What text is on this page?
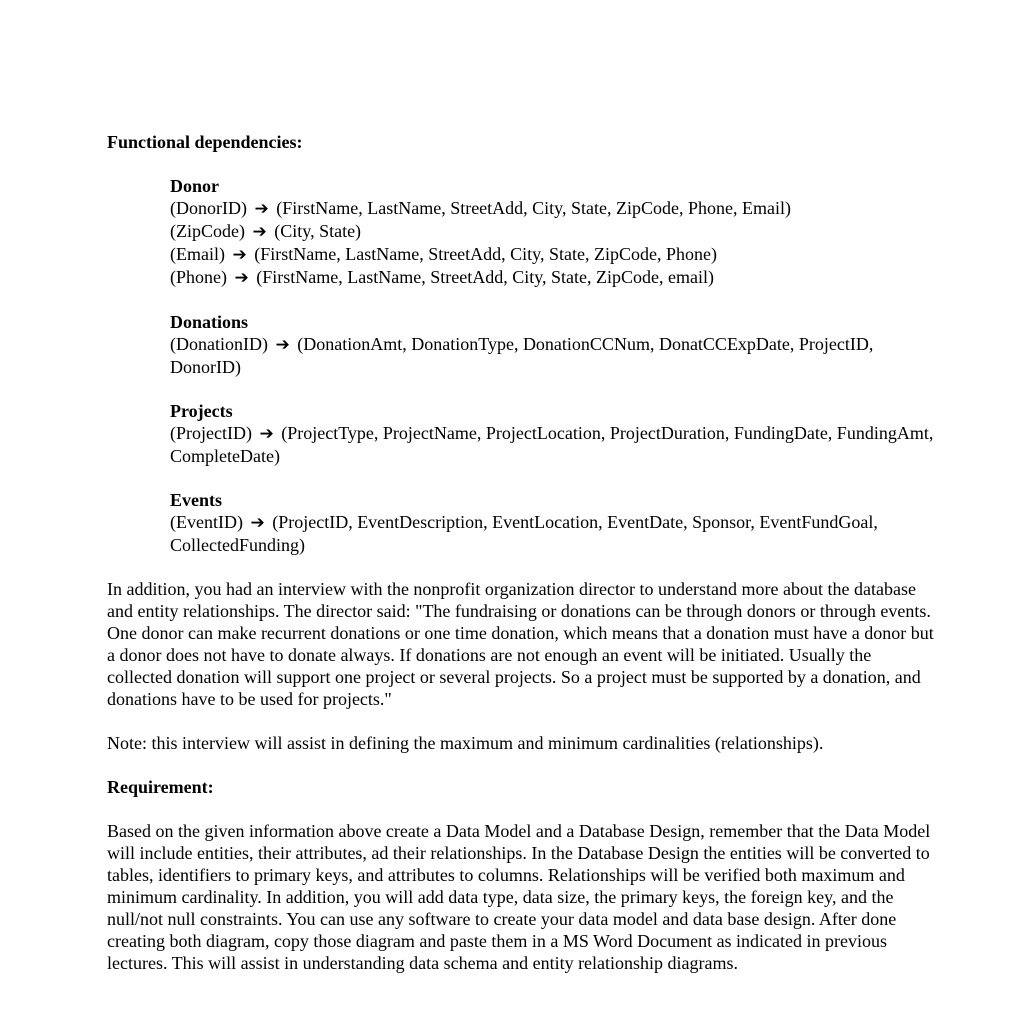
Functional dependencies:

Donor

(DonorID) ➔ (FirstName, LastName, StreetAdd, City, State, ZipCode, Phone, Email)

(ZipCode) ➔ (City, State)

(Email) ➔ (FirstName, LastName, StreetAdd, City, State, ZipCode, Phone)

(Phone) ➔ (FirstName, LastName, StreetAdd, City, State, ZipCode, email)

Donations

(DonationID) ➔ (DonationAmt, DonationType, DonationCCNum, DonatCCExpDate, ProjectID, DonorID)

Projects

(ProjectID) ➔ (ProjectType, ProjectName, ProjectLocation, ProjectDuration, FundingDate, FundingAmt, CompleteDate)

Events

(EventID) ➔ (ProjectID, EventDescription, EventLocation, EventDate, Sponsor, EventFundGoal, CollectedFunding)

In addition, you had an interview with the nonprofit organization director to understand more about the database and entity relationships. The director said: "The fundraising or donations can be through donors or through events. One donor can make recurrent donations or one time donation, which means that a donation must have a donor but a donor does not have to donate always. If donations are not enough an event will be initiated. Usually the collected donation will support one project or several projects. So a project must be supported by a donation, and donations have to be used for projects."

Note: this interview will assist in defining the maximum and minimum cardinalities (relationships).

Requirement:

Based on the given information above create a Data Model and a Database Design, remember that the Data Model will include entities, their attributes, ad their relationships. In the Database Design the entities will be converted to tables, identifiers to primary keys, and attributes to columns. Relationships will be verified both maximum and minimum cardinality. In addition, you will add data type, data size, the primary keys, the foreign key, and the null/not null constraints. You can use any software to create your data model and data base design. After done creating both diagram, copy those diagram and paste them in a MS Word Document as indicated in previous lectures. This will assist in understanding data schema and entity relationship diagrams.
